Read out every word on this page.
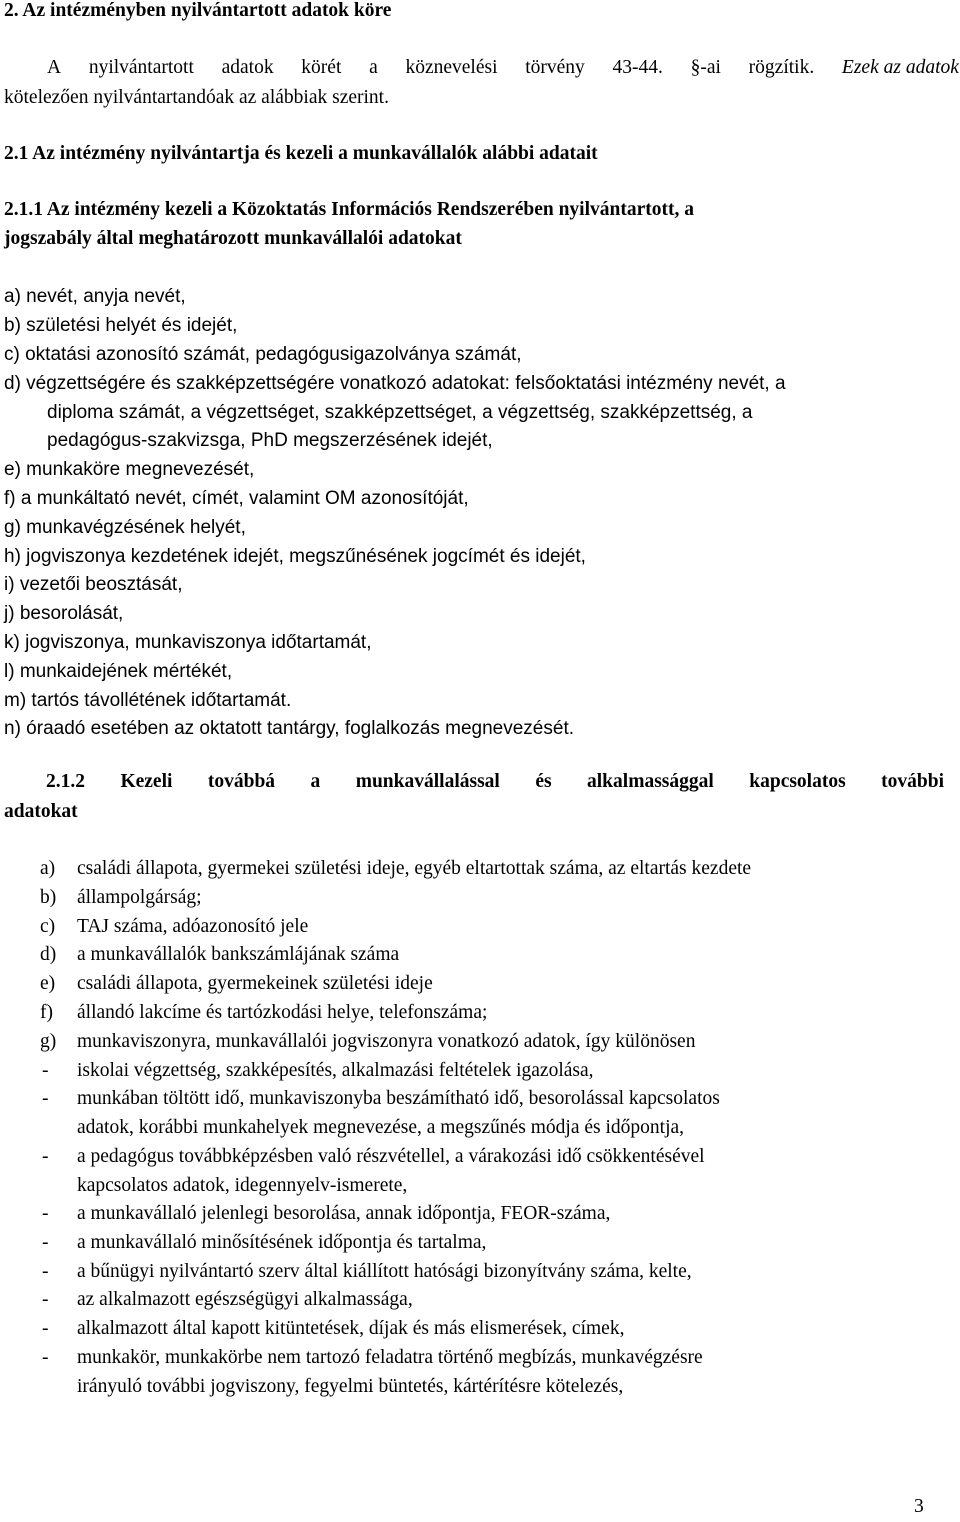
2. Az intézményben nyilvántartott adatok köre
A nyilvántartott adatok körét a köznevelési törvény 43-44. §-ai rögzítik. Ezek az adatok
kötelezően nyilvántartandóak az alábbiak szerint.
2.1 Az intézmény nyilvántartja és kezeli a munkavállalók alábbi adatait
2.1.1 Az intézmény kezeli a Közoktatás Információs Rendszerében nyilvántartott, a
jogszabály által meghatározott munkavállalói adatokat
a) nevét, anyja nevét,
b) születési helyét és idejét,
c) oktatási azonosító számát, pedagógusigazolványa számát,
d) végzettségére és szakképzettségére vonatkozó adatokat: felsőoktatási intézmény nevét, a
diploma számát, a végzettséget, szakképzettséget, a végzettség, szakképzettség, a
pedagógus-szakvizsga, PhD megszerzésének idejét,
e) munkaköre megnevezését,
f) a munkáltató nevét, címét, valamint OM azonosítóját,
g) munkavégzésének helyét,
h) jogviszonya kezdetének idejét, megszűnésének jogcímét és idejét,
i) vezetői beosztását,
j) besorolását,
k) jogviszonya, munkaviszonya időtartamát,
l) munkaidejének mértékét,
m) tartós távollétének időtartamát.
n) óraadó esetében az oktatott tantárgy, foglalkozás megnevezését.
2.1.2 Kezeli továbbá a munkavállalással és alkalmassággal kapcsolatos további
adatokat
a) családi állapota, gyermekei születési ideje, egyéb eltartottak száma, az eltartás kezdete
b) állampolgárság;
c) TAJ száma, adóazonosító jele
d) a munkavállalók bankszámlájának száma
e) családi állapota, gyermekeinek születési ideje
f) állandó lakcíme és tartózkodási helye, telefonszáma;
g) munkaviszonyra, munkavállalói jogviszonyra vonatkozó adatok, így különösen
- iskolai végzettség, szakképesítés, alkalmazási feltételek igazolása,
- munkában töltött idő, munkaviszonyba beszámítható idő, besorolással kapcsolatos
adatok, korábbi munkahelyek megnevezése, a megszűnés módja és időpontja,
- a pedagógus továbbképzésben való részvétellel, a várakozási idő csökkentésével
kapcsolatos adatok, idegennyelv-ismerete,
- a munkavállaló jelenlegi besorolása, annak időpontja, FEOR-száma,
- a munkavállaló minősítésének időpontja és tartalma,
- a bűnügyi nyilvántartó szerv által kiállított hatósági bizonyítvány száma, kelte,
- az alkalmazott egészségügyi alkalmassága,
- alkalmazott által kapott kitüntetések, díjak és más elismerések, címek,
- munkakör, munkakörbe nem tartozó feladatra történő megbízás, munkavégzésre
irányuló további jogviszony, fegyelmi büntetés, kártérítésre kötelezés,
3
